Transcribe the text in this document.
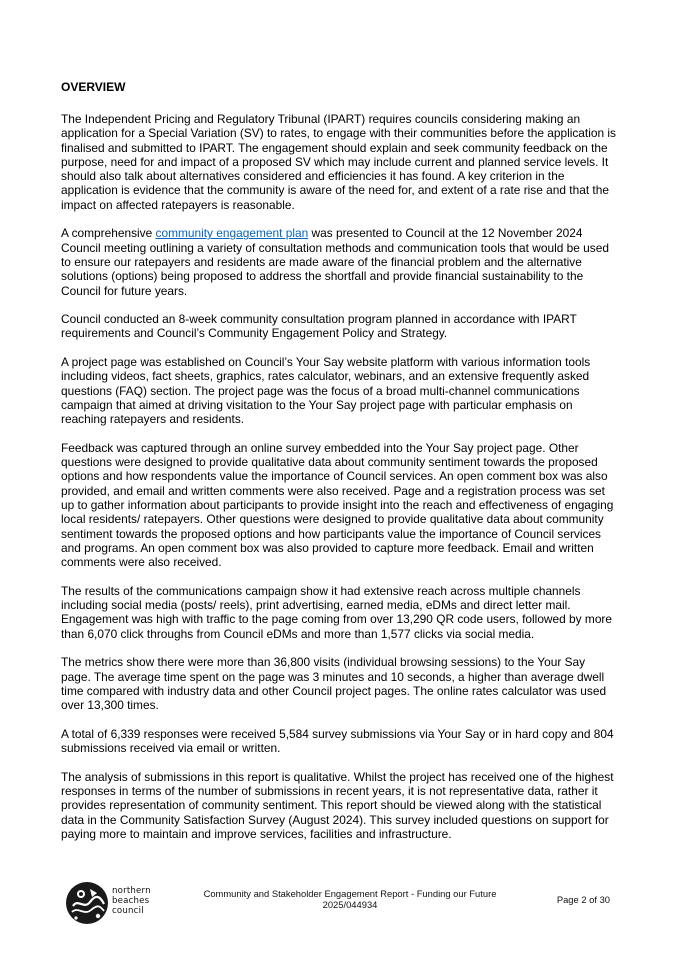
OVERVIEW

The Independent Pricing and Regulatory Tribunal (IPART) requires councils considering making an application for a Special Variation (SV) to rates, to engage with their communities before the application is finalised and submitted to IPART. The engagement should explain and seek community feedback on the purpose, need for and impact of a proposed SV which may include current and planned service levels. It should also talk about alternatives considered and efficiencies it has found. A key criterion in the application is evidence that the community is aware of the need for, and extent of a rate rise and that the impact on affected ratepayers is reasonable.

A comprehensive community engagement plan was presented to Council at the 12 November 2024 Council meeting outlining a variety of consultation methods and communication tools that would be used to ensure our ratepayers and residents are made aware of the financial problem and the alternative solutions (options) being proposed to address the shortfall and provide financial sustainability to the Council for future years.

Council conducted an 8-week community consultation program planned in accordance with IPART requirements and Council’s Community Engagement Policy and Strategy.

A project page was established on Council’s Your Say website platform with various information tools including videos, fact sheets, graphics, rates calculator, webinars, and an extensive frequently asked questions (FAQ) section. The project page was the focus of a broad multi-channel communications campaign that aimed at driving visitation to the Your Say project page with particular emphasis on reaching ratepayers and residents.

Feedback was captured through an online survey embedded into the Your Say project page. Other questions were designed to provide qualitative data about community sentiment towards the proposed options and how respondents value the importance of Council services. An open comment box was also provided, and email and written comments were also received. Page and a registration process was set up to gather information about participants to provide insight into the reach and effectiveness of engaging local residents/ ratepayers. Other questions were designed to provide qualitative data about community sentiment towards the proposed options and how participants value the importance of Council services and programs. An open comment box was also provided to capture more feedback. Email and written comments were also received.

The results of the communications campaign show it had extensive reach across multiple channels including social media (posts/ reels), print advertising, earned media, eDMs and direct letter mail. Engagement was high with traffic to the page coming from over 13,290 QR code users, followed by more than 6,070 click throughs from Council eDMs and more than 1,577 clicks via social media.

The metrics show there were more than 36,800 visits (individual browsing sessions) to the Your Say page. The average time spent on the page was 3 minutes and 10 seconds, a higher than average dwell time compared with industry data and other Council project pages. The online rates calculator was used over 13,300 times.

A total of 6,339 responses were received 5,584 survey submissions via Your Say or in hard copy and 804 submissions received via email or written.

The analysis of submissions in this report is qualitative. Whilst the project has received one of the highest responses in terms of the number of submissions in recent years, it is not representative data, rather it provides representation of community sentiment. This report should be viewed along with the statistical data in the Community Satisfaction Survey (August 2024). This survey included questions on support for paying more to maintain and improve services, facilities and infrastructure.

northern
beaches
council
Community and Stakeholder Engagement Report - Funding our Future
2025/044934	Page 2 of 30
